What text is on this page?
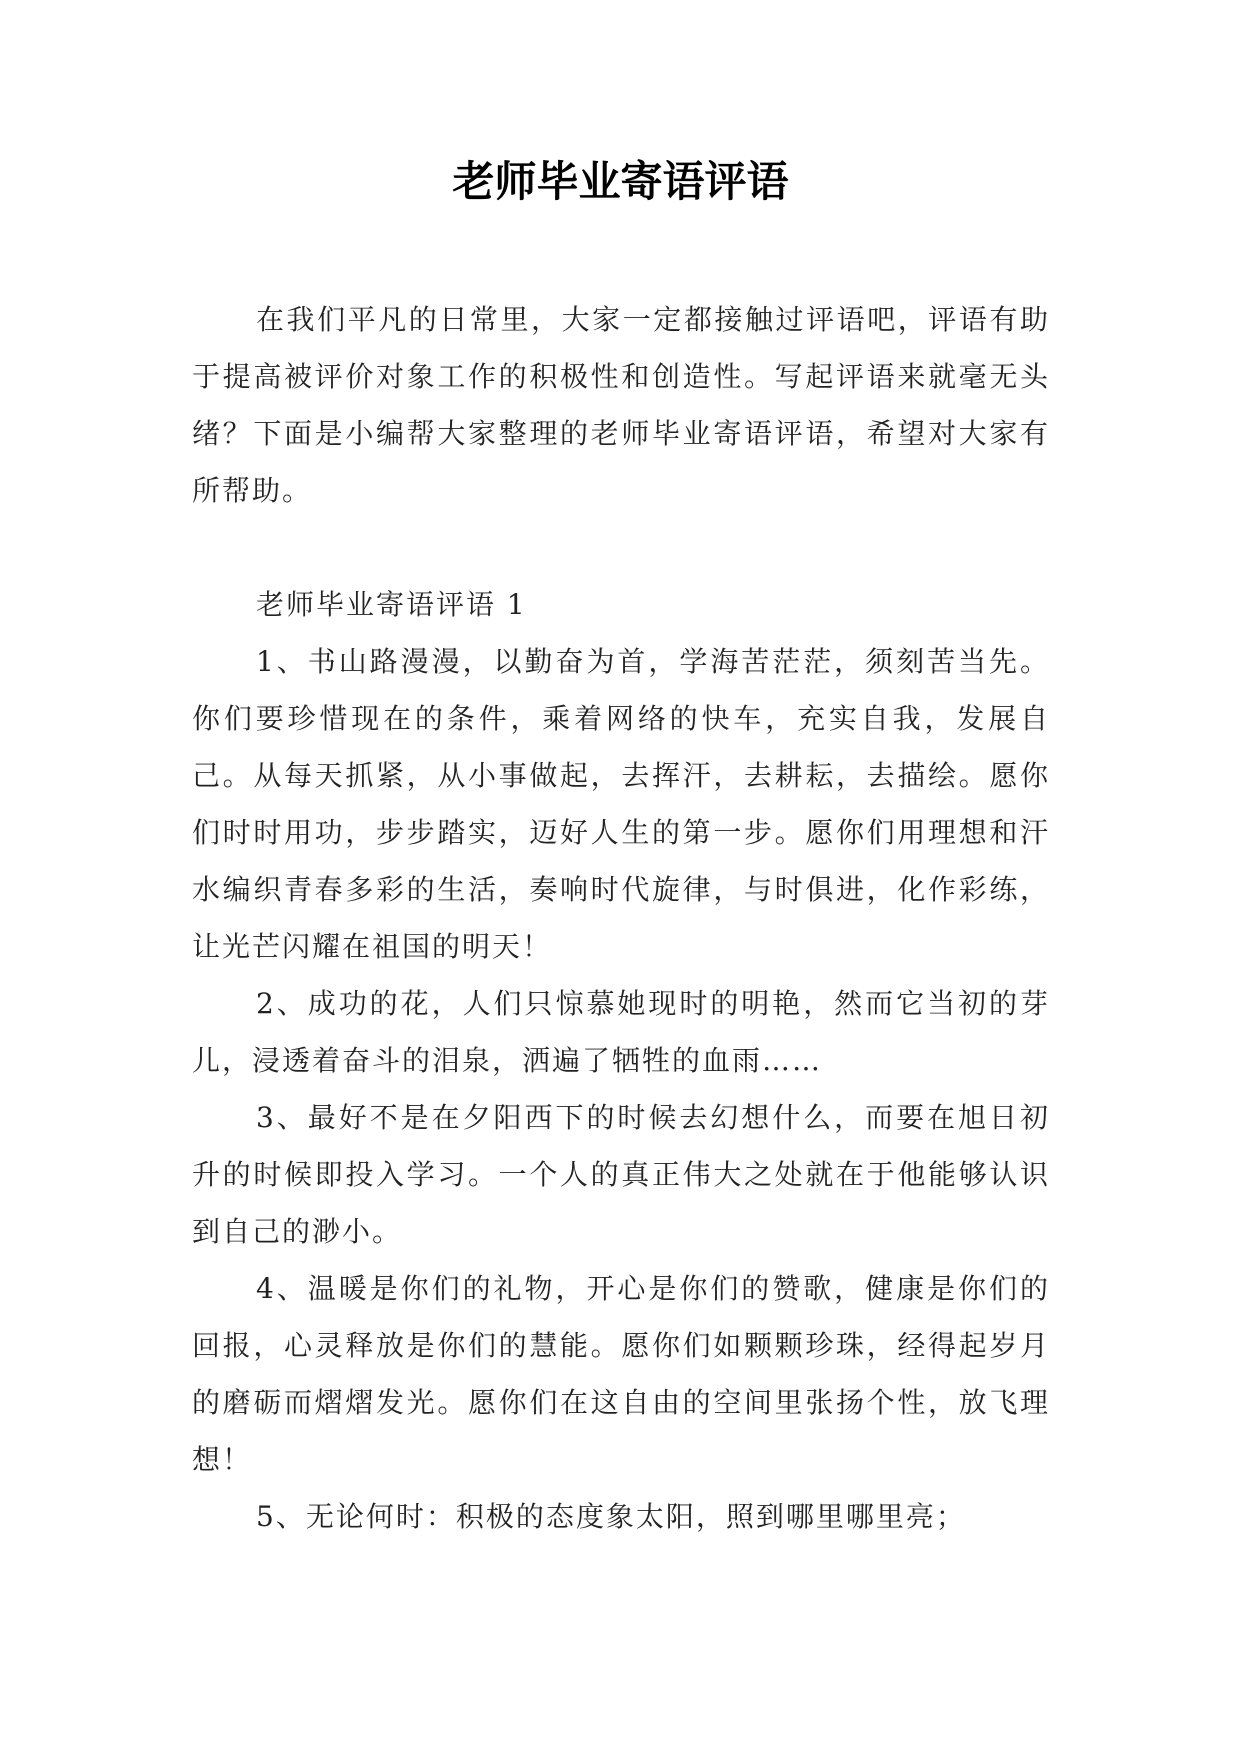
老师毕业寄语评语

在我们平凡的日常里，大家一定都接触过评语吧，评语有助于提高被评价对象工作的积极性和创造性。写起评语来就毫无头绪？下面是小编帮大家整理的老师毕业寄语评语，希望对大家有所帮助。

老师毕业寄语评语 1

1、书山路漫漫，以勤奋为首，学海苦茫茫，须刻苦当先。你们要珍惜现在的条件，乘着网络的快车，充实自我，发展自己。从每天抓紧，从小事做起，去挥汗，去耕耘，去描绘。愿你们时时用功，步步踏实，迈好人生的第一步。愿你们用理想和汗水编织青春多彩的生活，奏响时代旋律，与时俱进，化作彩练，让光芒闪耀在祖国的明天！

2、成功的花，人们只惊慕她现时的明艳，然而它当初的芽儿，浸透着奋斗的泪泉，洒遍了牺牲的血雨……

3、最好不是在夕阳西下的时候去幻想什么，而要在旭日初升的时候即投入学习。一个人的真正伟大之处就在于他能够认识到自己的渺小。

4、温暖是你们的礼物，开心是你们的赞歌，健康是你们的回报，心灵释放是你们的慧能。愿你们如颗颗珍珠，经得起岁月的磨砺而熠熠发光。愿你们在这自由的空间里张扬个性，放飞理想！

5、无论何时：积极的态度象太阳，照到哪里哪里亮；
